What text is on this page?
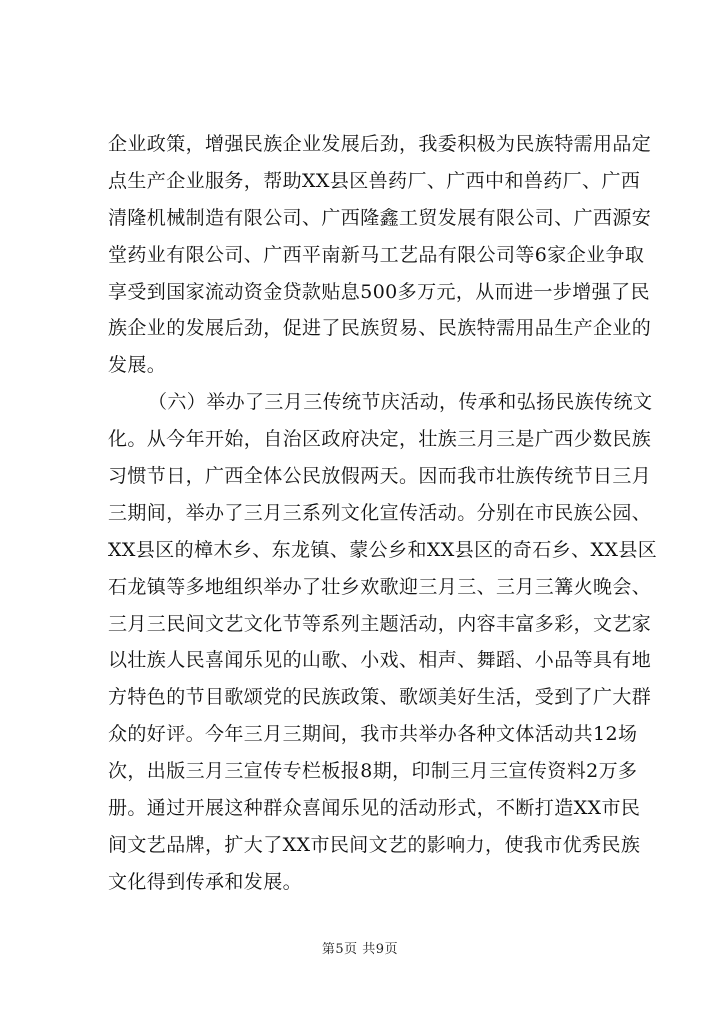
企业政策，增强民族企业发展后劲，我委积极为民族特需用品定
点生产企业服务，帮助XX县区兽药厂、广西中和兽药厂、广西
清隆机械制造有限公司、广西隆鑫工贸发展有限公司、广西源安
堂药业有限公司、广西平南新马工艺品有限公司等6家企业争取
享受到国家流动资金贷款贴息500多万元，从而进一步增强了民
族企业的发展后劲，促进了民族贸易、民族特需用品生产企业的
发展。
（六）举办了三月三传统节庆活动，传承和弘扬民族传统文
化。从今年开始，自治区政府决定，壮族三月三是广西少数民族
习惯节日，广西全体公民放假两天。因而我市壮族传统节日三月
三期间，举办了三月三系列文化宣传活动。分别在市民族公园、
XX县区的樟木乡、东龙镇、蒙公乡和XX县区的奇石乡、XX县区
石龙镇等多地组织举办了壮乡欢歌迎三月三、三月三篝火晚会、
三月三民间文艺文化节等系列主题活动，内容丰富多彩，文艺家
以壮族人民喜闻乐见的山歌、小戏、相声、舞蹈、小品等具有地
方特色的节目歌颂党的民族政策、歌颂美好生活，受到了广大群
众的好评。今年三月三期间，我市共举办各种文体活动共12场
次，出版三月三宣传专栏板报8期，印制三月三宣传资料2万多
册。通过开展这种群众喜闻乐见的活动形式，不断打造XX市民
间文艺品牌，扩大了XX市民间文艺的影响力，使我市优秀民族
文化得到传承和发展。
第5页 共9页
